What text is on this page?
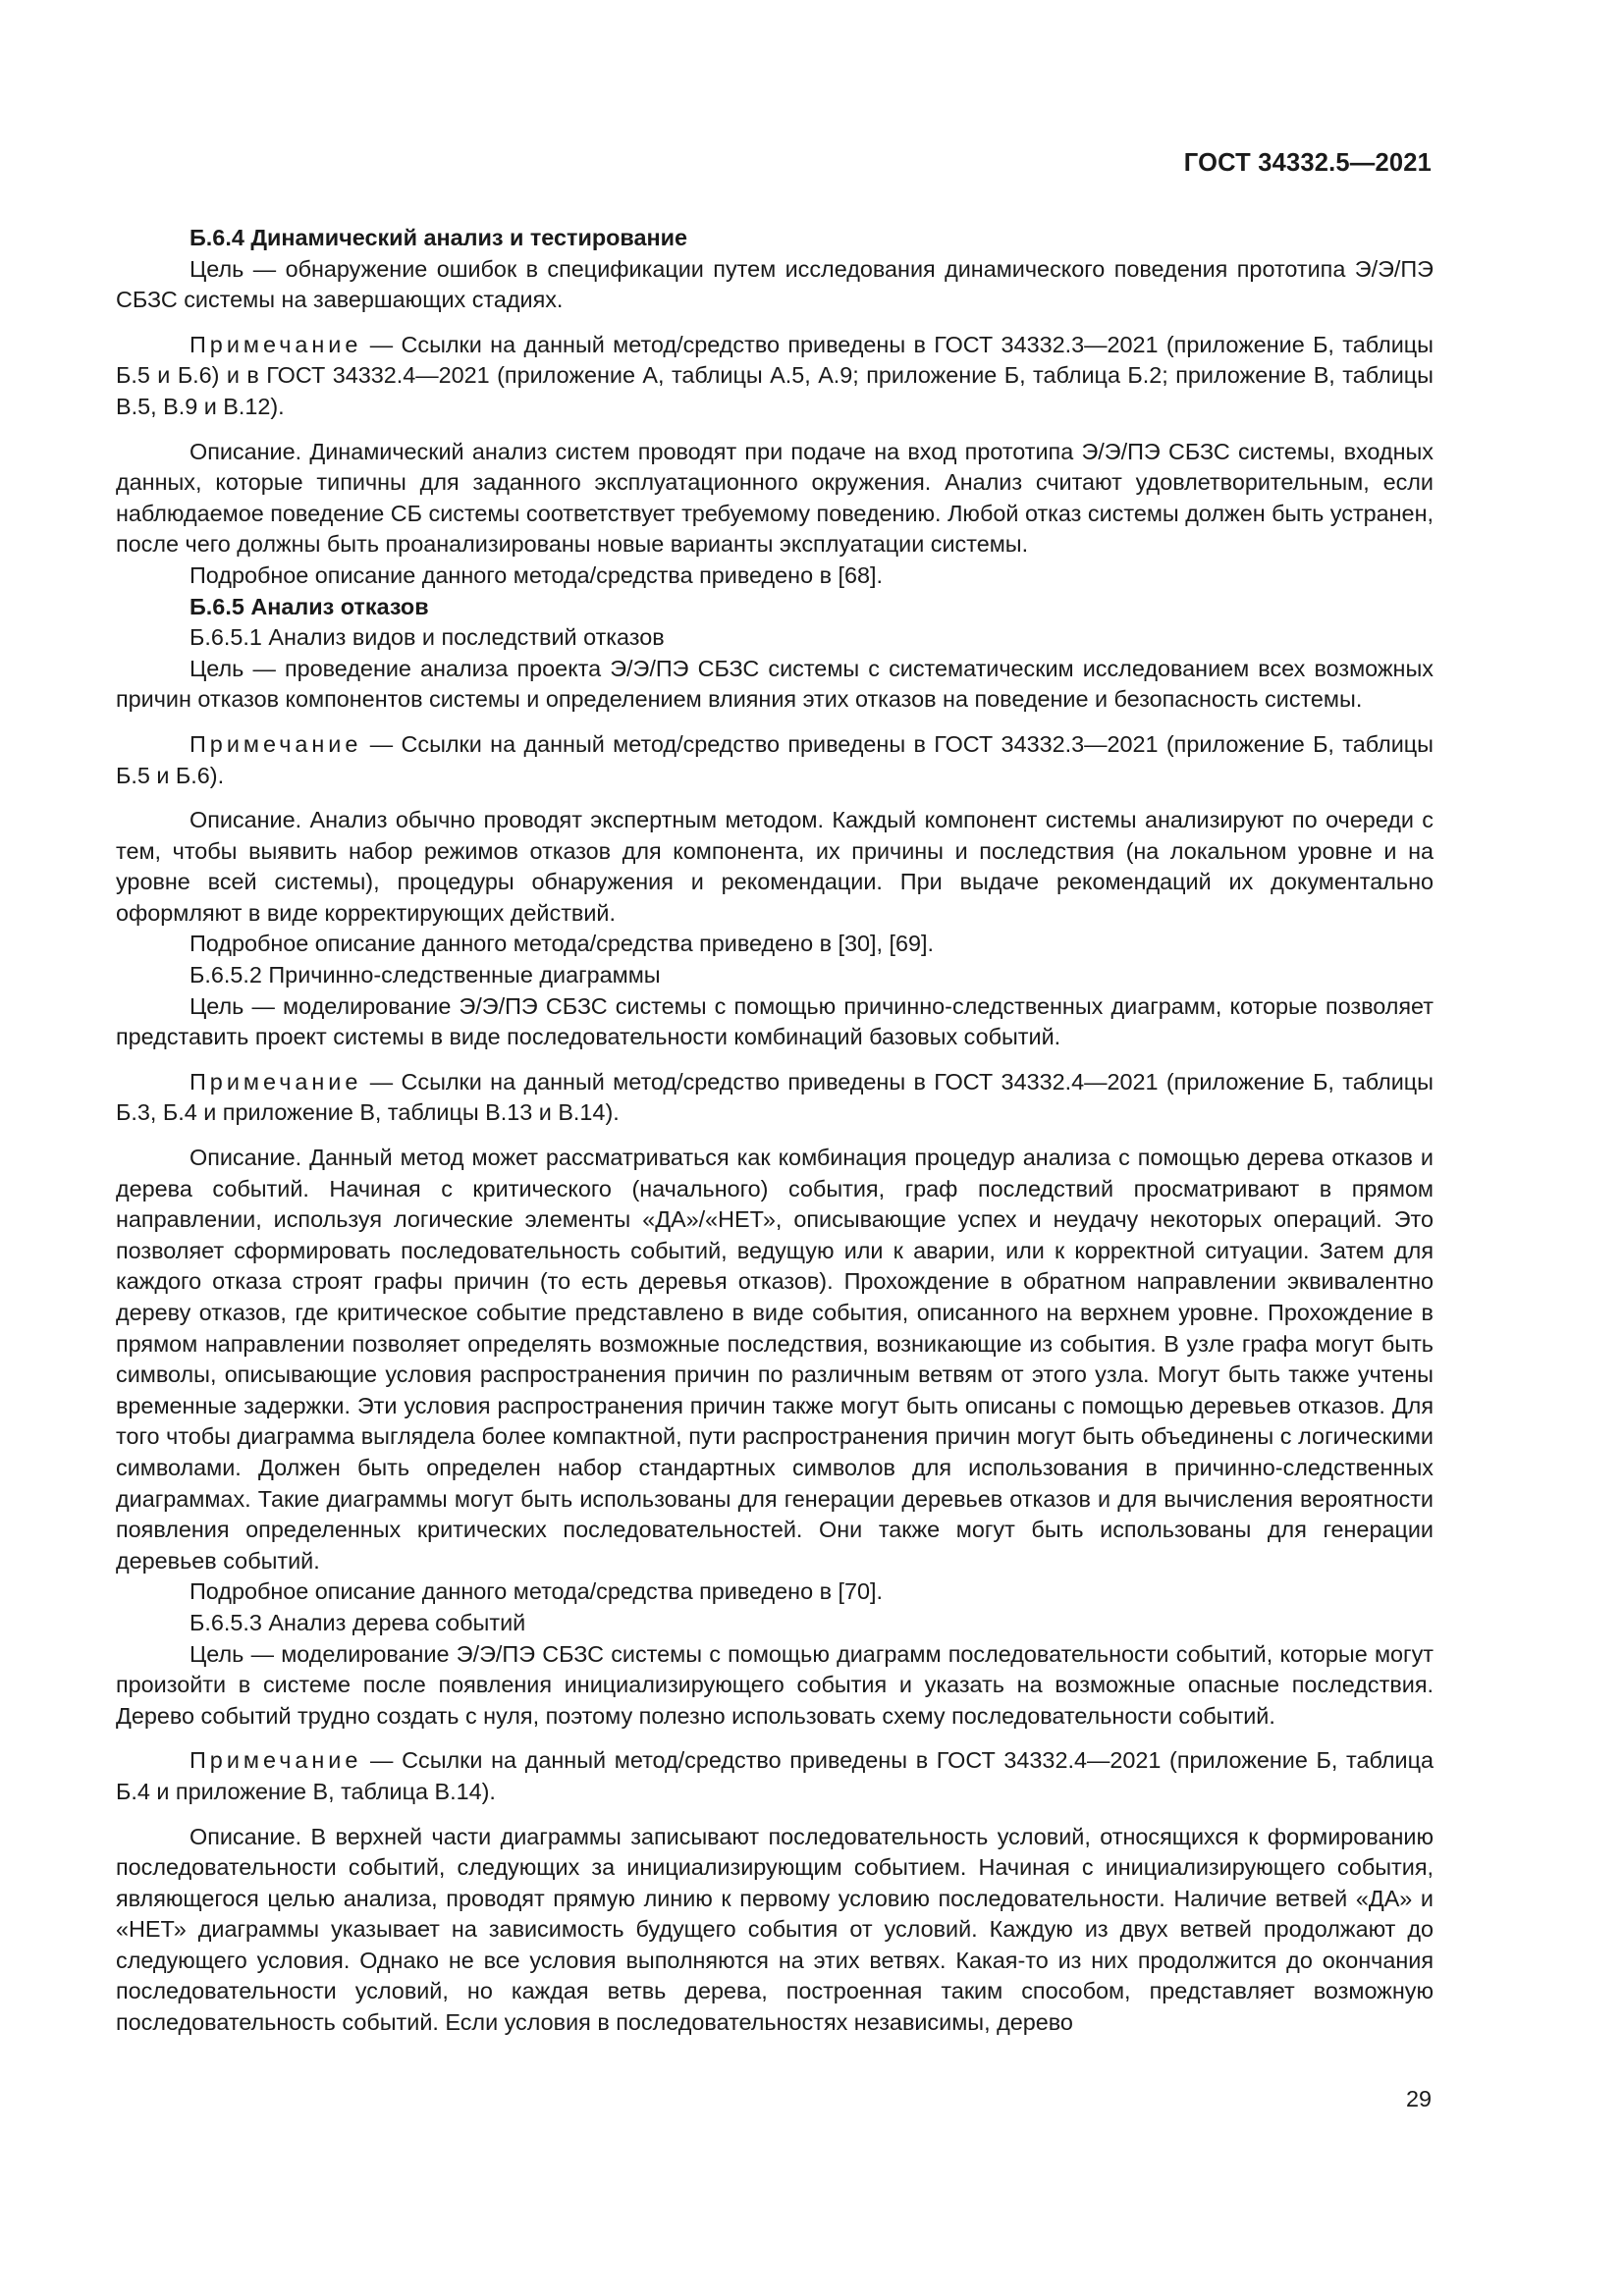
ГОСТ 34332.5—2021

Б.6.4 Динамический анализ и тестирование

Цель — обнаружение ошибок в спецификации путем исследования динамического поведения прототипа Э/Э/ПЭ СБЗС системы на завершающих стадиях.

Примечание — Ссылки на данный метод/средство приведены в ГОСТ 34332.3—2021 (приложение Б, таблицы Б.5 и Б.6) и в ГОСТ 34332.4—2021 (приложение А, таблицы А.5, А.9; приложение Б, таблица Б.2; приложение В, таблицы В.5, В.9 и В.12).

Описание. Динамический анализ систем проводят при подаче на вход прототипа Э/Э/ПЭ СБЗС системы, входных данных, которые типичны для заданного эксплуатационного окружения. Анализ считают удовлетворительным, если наблюдаемое поведение СБ системы соответствует требуемому поведению. Любой отказ системы должен быть устранен, после чего должны быть проанализированы новые варианты эксплуатации системы.

Подробное описание данного метода/средства приведено в [68].

Б.6.5 Анализ отказов

Б.6.5.1 Анализ видов и последствий отказов

Цель — проведение анализа проекта Э/Э/ПЭ СБЗС системы с систематическим исследованием всех возможных причин отказов компонентов системы и определением влияния этих отказов на поведение и безопасность системы.

Примечание — Ссылки на данный метод/средство приведены в ГОСТ 34332.3—2021 (приложение Б, таблицы Б.5 и Б.6).

Описание. Анализ обычно проводят экспертным методом. Каждый компонент системы анализируют по очереди с тем, чтобы выявить набор режимов отказов для компонента, их причины и последствия (на локальном уровне и на уровне всей системы), процедуры обнаружения и рекомендации. При выдаче рекомендаций их документально оформляют в виде корректирующих действий.

Подробное описание данного метода/средства приведено в [30], [69].

Б.6.5.2 Причинно-следственные диаграммы

Цель — моделирование Э/Э/ПЭ СБЗС системы с помощью причинно-следственных диаграмм, которые позволяет представить проект системы в виде последовательности комбинаций базовых событий.

Примечание — Ссылки на данный метод/средство приведены в ГОСТ 34332.4—2021 (приложение Б, таблицы Б.3, Б.4 и приложение В, таблицы В.13 и В.14).

Описание. Данный метод может рассматриваться как комбинация процедур анализа с помощью дерева отказов и дерева событий. Начиная с критического (начального) события, граф последствий просматривают в прямом направлении, используя логические элементы «ДА»/«НЕТ», описывающие успех и неудачу некоторых операций. Это позволяет сформировать последовательность событий, ведущую или к аварии, или к корректной ситуации. Затем для каждого отказа строят графы причин (то есть деревья отказов). Прохождение в обратном направлении эквивалентно дереву отказов, где критическое событие представлено в виде события, описанного на верхнем уровне. Прохождение в прямом направлении позволяет определять возможные последствия, возникающие из события. В узле графа могут быть символы, описывающие условия распространения причин по различным ветвям от этого узла. Могут быть также учтены временные задержки. Эти условия распространения причин также могут быть описаны с помощью деревьев отказов. Для того чтобы диаграмма выглядела более компактной, пути распространения причин могут быть объединены с логическими символами. Должен быть определен набор стандартных символов для использования в причинно-следственных диаграммах. Такие диаграммы могут быть использованы для генерации деревьев отказов и для вычисления вероятности появления определенных критических последовательностей. Они также могут быть использованы для генерации деревьев событий.

Подробное описание данного метода/средства приведено в [70].

Б.6.5.3 Анализ дерева событий

Цель — моделирование Э/Э/ПЭ СБЗС системы с помощью диаграмм последовательности событий, которые могут произойти в системе после появления инициализирующего события и указать на возможные опасные последствия. Дерево событий трудно создать с нуля, поэтому полезно использовать схему последовательности событий.

Примечание — Ссылки на данный метод/средство приведены в ГОСТ 34332.4—2021 (приложение Б, таблица Б.4 и приложение В, таблица В.14).

Описание. В верхней части диаграммы записывают последовательность условий, относящихся к формированию последовательности событий, следующих за инициализирующим событием. Начиная с инициализирующего события, являющегося целью анализа, проводят прямую линию к первому условию последовательности. Наличие ветвей «ДА» и «НЕТ» диаграммы указывает на зависимость будущего события от условий. Каждую из двух ветвей продолжают до следующего условия. Однако не все условия выполняются на этих ветвях. Какая-то из них продолжится до окончания последовательности условий, но каждая ветвь дерева, построенная таким способом, представляет возможную последовательность событий. Если условия в последовательностях независимы, дерево

29
